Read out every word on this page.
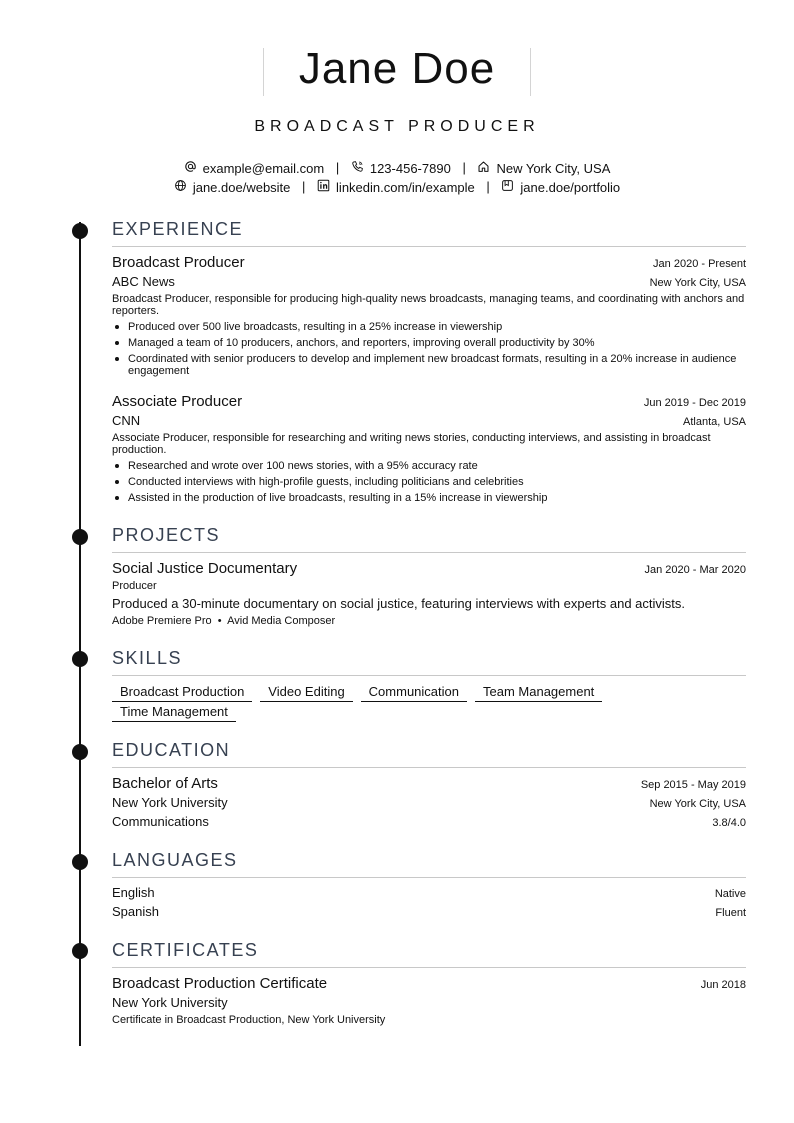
Jane Doe
BROADCAST PRODUCER
example@email.com | 123-456-7890 | New York City, USA
jane.doe/website | linkedin.com/in/example | jane.doe/portfolio
EXPERIENCE
Broadcast Producer	Jan 2020 - Present
ABC News	New York City, USA
Broadcast Producer, responsible for producing high-quality news broadcasts, managing teams, and coordinating with anchors and reporters.
Produced over 500 live broadcasts, resulting in a 25% increase in viewership
Managed a team of 10 producers, anchors, and reporters, improving overall productivity by 30%
Coordinated with senior producers to develop and implement new broadcast formats, resulting in a 20% increase in audience engagement
Associate Producer	Jun 2019 - Dec 2019
CNN	Atlanta, USA
Associate Producer, responsible for researching and writing news stories, conducting interviews, and assisting in broadcast production.
Researched and wrote over 100 news stories, with a 95% accuracy rate
Conducted interviews with high-profile guests, including politicians and celebrities
Assisted in the production of live broadcasts, resulting in a 15% increase in viewership
PROJECTS
Social Justice Documentary	Jan 2020 - Mar 2020
Producer
Produced a 30-minute documentary on social justice, featuring interviews with experts and activists.
Adobe Premiere Pro  •  Avid Media Composer
SKILLS
Broadcast Production Video Editing Communication Team Management
Time Management
EDUCATION
Bachelor of Arts	Sep 2015 - May 2019
New York University	New York City, USA
Communications	3.8/4.0
LANGUAGES
English	Native
Spanish	Fluent
CERTIFICATES
Broadcast Production Certificate	Jun 2018
New York University
Certificate in Broadcast Production, New York University
